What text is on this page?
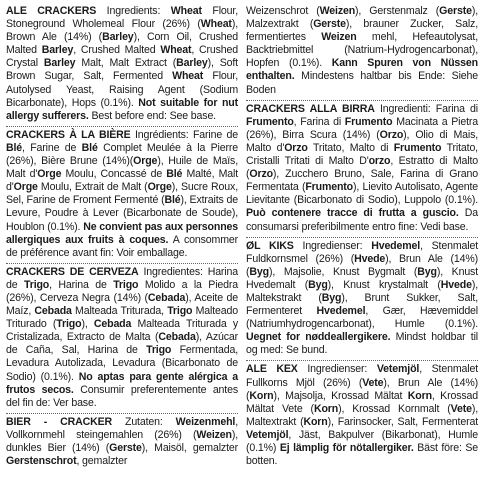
ALE CRACKERS Ingredients: Wheat Flour, Stoneground Wholemeal Flour (26%) (Wheat), Brown Ale (14%) (Barley), Corn Oil, Crushed Malted Barley, Crushed Malted Wheat, Crushed Crystal Barley Malt, Malt Extract (Barley), Soft Brown Sugar, Salt, Fermented Wheat Flour, Autolysed Yeast, Raising Agent (Sodium Bicarbonate), Hops (0.1%). Not suitable for nut allergy sufferers. Best before end: See base.
CRACKERS À LA BIÈRE Ingrédients: Farine de Blé, Farine de Blé Complet Meulée à la Pierre (26%), Bière Brune (14%)(Orge), Huile de Maïs, Malt d'Orge Moulu, Concassé de Blé Malté, Malt d'Orge Moulu, Extrait de Malt (Orge), Sucre Roux, Sel, Farine de Froment Fermenté (Blé), Extraits de Levure, Poudre à Lever (Bicarbonate de Soude), Houblon (0.1%). Ne convient pas aux personnes allergiques aux fruits à coques. A consommer de préférence avant fin: Voir emballage.
CRACKERS DE CERVEZA Ingredientes: Harina de Trigo, Harina de Trigo Molido a la Piedra (26%), Cerveza Negra (14%) (Cebada), Aceite de Maíz, Cebada Malteada Triturada, Trigo Malteado Triturado (Trigo), Cebada Malteada Triturada y Cristalizada, Extracto de Malta (Cebada), Azúcar de Caña, Sal, Harina de Trigo Fermentada, Levadura Autolizada, Levadura (Bicarbonato de Sodio) (0.1%). No aptas para gente alérgica a frutos secos. Consumir preferentemente antes del fin de: Ver base.
BIER - CRACKER Zutaten: Weizenmehl, Vollkornmehl steingemahlen (26%) (Weizen), dunkles Bier (14%) (Gerste), Maisöl, gemalzter Gerstenschrot, gemalzter
Weizenschrot (Weizen), Gerstenmalz (Gerste), Malzextrakt (Gerste), brauner Zucker, Salz, fermentiertes Weizen mehl, Hefeautolysat, Backtriebmittel (Natrium-Hydrogencarbonat), Hopfen (0.1%). Kann Spuren von Nüssen enthalten. Mindestens haltbar bis Ende: Siehe Boden
CRACKERS ALLA BIRRA Ingredienti: Farina di Frumento, Farina di Frumento Macinata a Pietra (26%), Birra Scura (14%) (Orzo), Olio di Mais, Malto d'Orzo Tritato, Malto di Frumento Tritato, Cristalli Tritati di Malto D'orzo, Estratto di Malto (Orzo), Zucchero Bruno, Sale, Farina di Grano Fermentata (Frumento), Lievito Autolisato, Agente Lievitante (Bicarbonato di Sodio), Luppolo (0.1%). Può contenere tracce di frutta a guscio. Da consumarsi preferibilmente entro fine: Vedi base.
ØL KIKS Ingredienser: Hvedemel, Stenmalet Fuldkornsmel (26%) (Hvede), Brun Ale (14%)(Byg), Majsolie, Knust Bygmalt (Byg), Knust Hvedemalt (Byg), Knust krystalmalt (Hvede), Maltekstrakt (Byg), Brunt Sukker, Salt, Fermenteret Hvedemel, Gær, Hævemiddel (Natriumhydrogencarbonat), Humle (0.1%). Uegnet for nøddeallergikere. Mindst holdbar til og med: Se bund.
ALE KEX Ingredienser: Vetemjöl, Stenmalet Fullkorns Mjöl (26%) (Vete), Brun Ale (14%) (Korn), Majsolja, Krossad Mältat Korn, Krossad Mältat Vete (Korn), Krossad Kornmalt (Vete), Maltextrakt (Korn), Farinsocker, Salt, Fermenterat Vetemjöl, Jäst, Bakpulver (Bikarbonat), Humle (0.1%) Ej lämplig för nötallergiker. Bäst före: Se botten.
